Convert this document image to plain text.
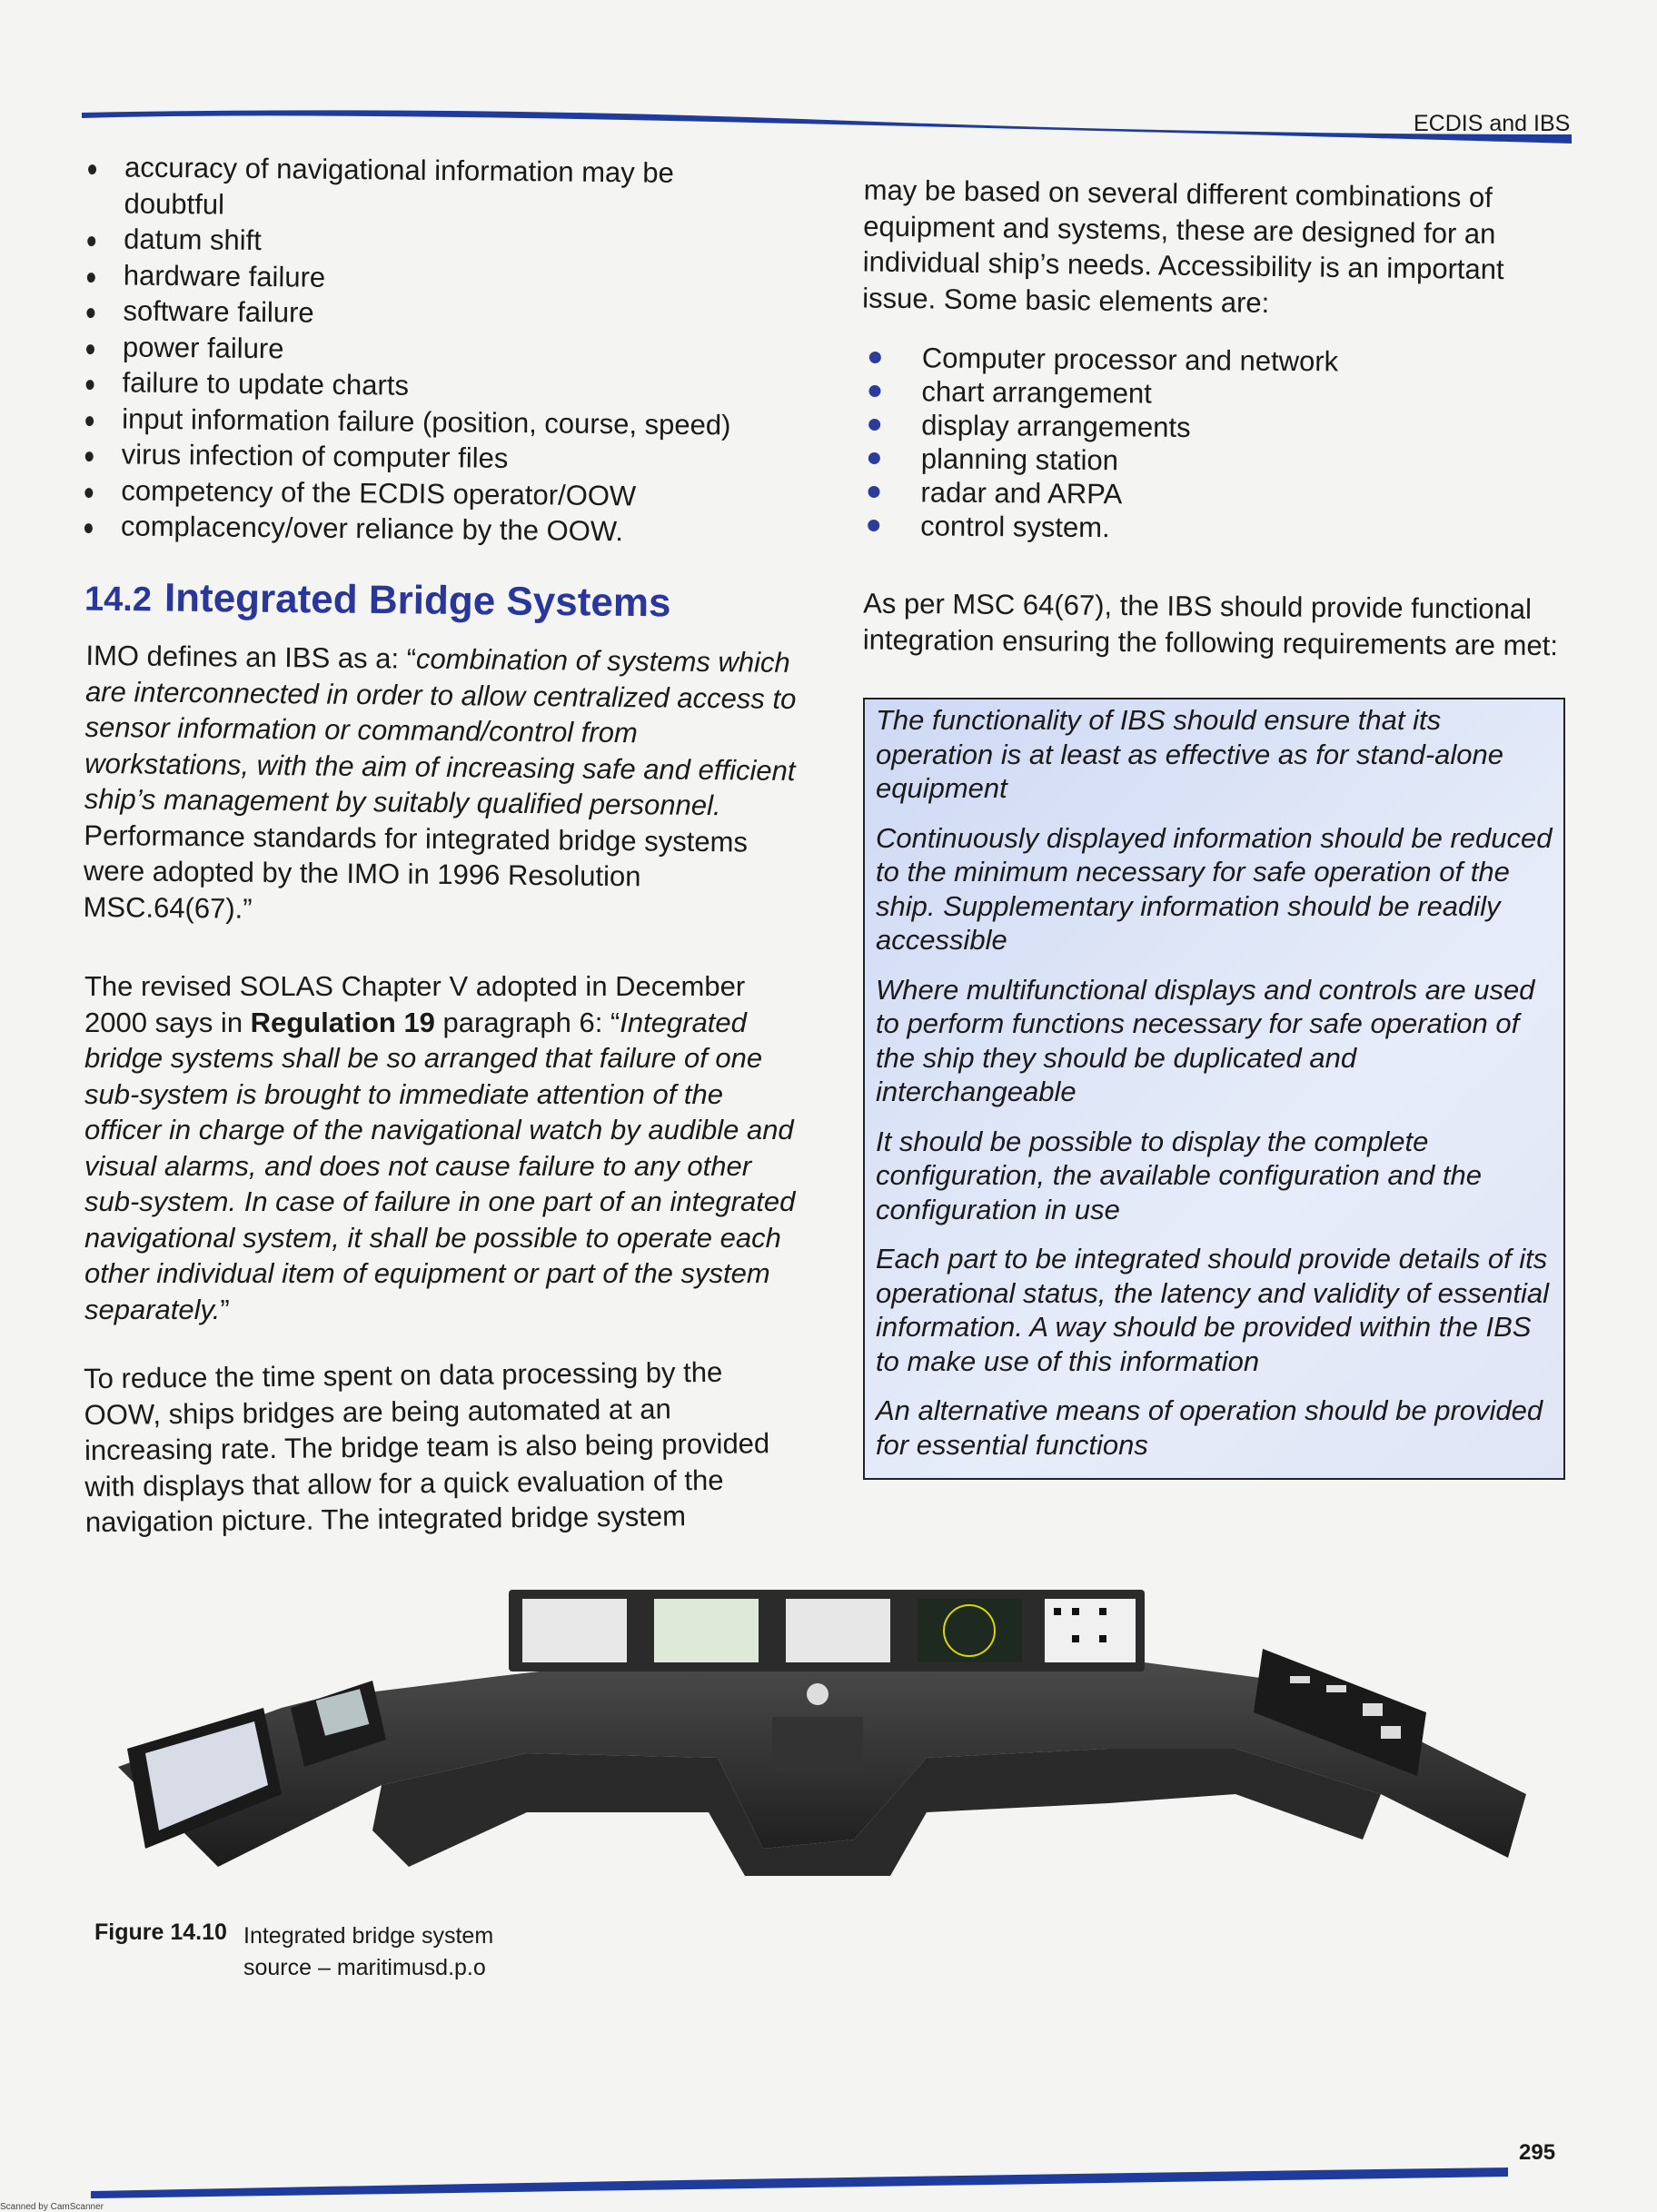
ECDIS and IBS
accuracy of navigational information may be doubtful
datum shift
hardware failure
software failure
power failure
failure to update charts
input information failure (position, course, speed)
virus infection of computer files
competency of the ECDIS operator/OOW
complacency/over reliance by the OOW.
14.2 Integrated Bridge Systems

IMO defines an IBS as a: “combination of systems which are interconnected in order to allow centralized access to sensor information or command/control from workstations, with the aim of increasing safe and efficient ship’s management by suitably qualified personnel. Performance standards for integrated bridge systems were adopted by the IMO in 1996 Resolution MSC.64(67).”

The revised SOLAS Chapter V adopted in December 2000 says in Regulation 19 paragraph 6: “Integrated bridge systems shall be so arranged that failure of one sub-system is brought to immediate attention of the officer in charge of the navigational watch by audible and visual alarms, and does not cause failure to any other sub-system. In case of failure in one part of an integrated navigational system, it shall be possible to operate each other individual item of equipment or part of the system separately.”

To reduce the time spent on data processing by the OOW, ships bridges are being automated at an increasing rate. The bridge team is also being provided with displays that allow for a quick evaluation of the navigation picture. The integrated bridge system

may be based on several different combinations of equipment and systems, these are designed for an individual ship’s needs. Accessibility is an important issue. Some basic elements are:

Computer processor and network
chart arrangement
display arrangements
planning station
radar and ARPA
control system.

As per MSC 64(67), the IBS should provide functional integration ensuring the following requirements are met:

The functionality of IBS should ensure that its operation is at least as effective as for stand-alone equipment

Continuously displayed information should be reduced to the minimum necessary for safe operation of the ship. Supplementary information should be readily accessible

Where multifunctional displays and controls are used to perform functions necessary for safe operation of the ship they should be duplicated and interchangeable

It should be possible to display the complete configuration, the available configuration and the configuration in use

Each part to be integrated should provide details of its operational status, the latency and validity of essential information. A way should be provided within the IBS to make use of this information

An alternative means of operation should be provided for essential functions

Figure 14.10 Integrated bridge system
source – maritimusd.p.o
295
Scanned by CamScanner
